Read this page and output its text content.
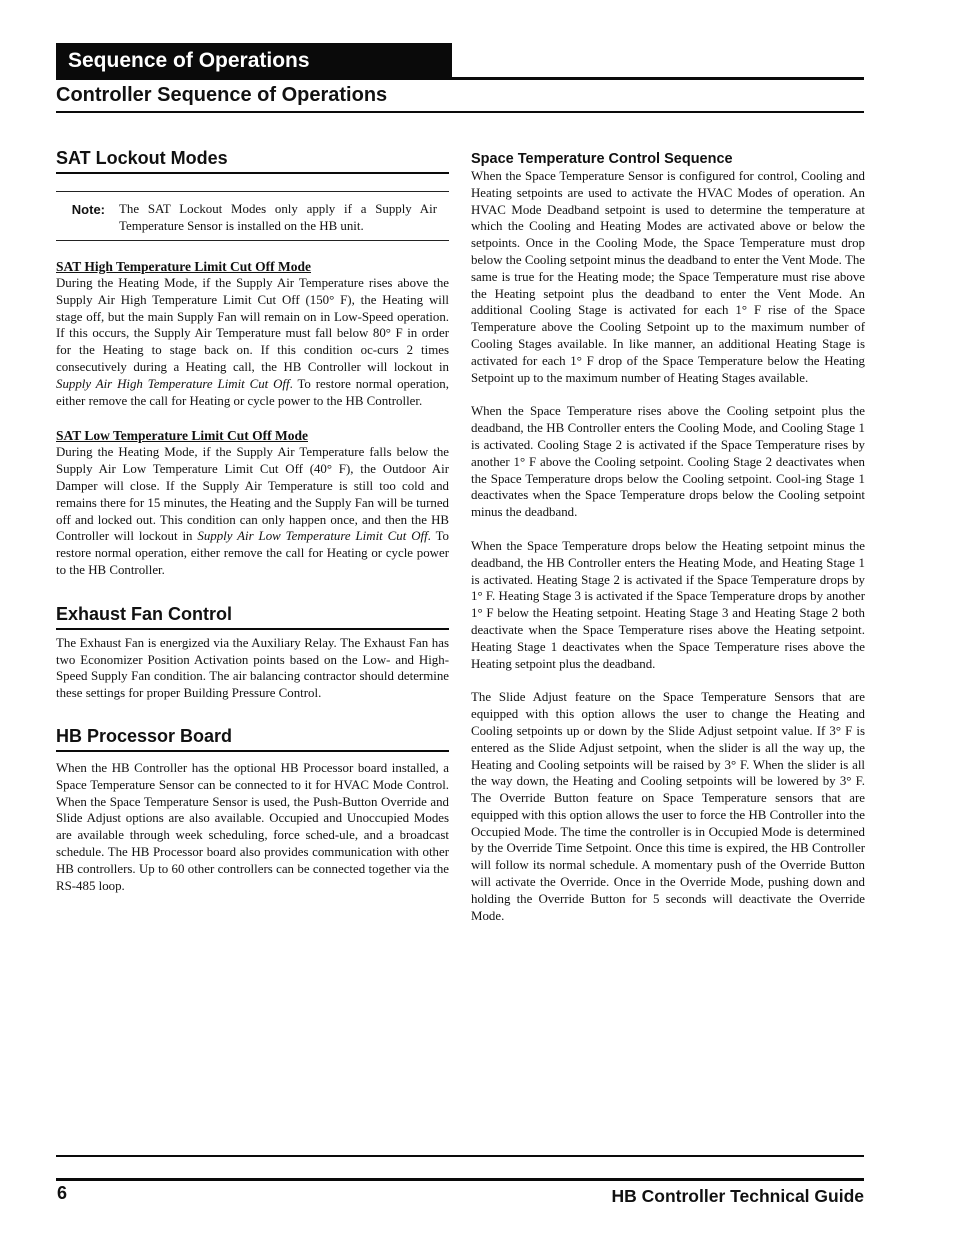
Sequence of Operations
Controller Sequence of Operations
SAT Lockout Modes
Note:	The SAT Lockout Modes only apply if a Supply Air Temperature Sensor is installed on the HB unit.
SAT High Temperature Limit Cut Off Mode

During the Heating Mode, if the Supply Air Temperature rises above the Supply Air High Temperature Limit Cut Off (150° F), the Heating will stage off, but the main Supply Fan will remain on in Low-Speed operation. If this occurs, the Supply Air Temperature must fall below 80° F in order for the Heating to stage back on. If this condition oc-curs 2 times consecutively during a Heating call, the HB Controller will lockout in Supply Air High Temperature Limit Cut Off. To restore normal operation, either remove the call for Heating or cycle power to the HB Controller.

SAT Low Temperature Limit Cut Off Mode

During the Heating Mode, if the Supply Air Temperature falls below the Supply Air Low Temperature Limit Cut Off (40° F), the Outdoor Air Damper will close. If the Supply Air Temperature is still too cold and remains there for 15 minutes, the Heating and the Supply Fan will be turned off and locked out. This condition can only happen once, and then the HB Controller will lockout in Supply Air Low Temperature Limit Cut Off. To restore normal operation, either remove the call for Heating or cycle power to the HB Controller.

Exhaust Fan Control

The Exhaust Fan is energized via the Auxiliary Relay. The Exhaust Fan has two Economizer Position Activation points based on the Low- and High-Speed Supply Fan condition. The air balancing contractor should determine these settings for proper Building Pressure Control.

HB Processor Board

When the HB Controller has the optional HB Processor board installed, a Space Temperature Sensor can be connected to it for HVAC Mode Control. When the Space Temperature Sensor is used, the Push-Button Override and Slide Adjust options are also available. Occupied and Unoccupied Modes are available through week scheduling, force sched-ule, and a broadcast schedule. The HB Processor board also provides communication with other HB controllers. Up to 60 other controllers can be connected together via the RS-485 loop.

Space Temperature Control Sequence

When the Space Temperature Sensor is configured for control, Cooling and Heating setpoints are used to activate the HVAC Modes of operation. An HVAC Mode Deadband setpoint is used to determine the temperature at which the Cooling and Heating Modes are activated above or below the setpoints. Once in the Cooling Mode, the Space Temperature must drop below the Cooling setpoint minus the deadband to enter the Vent Mode. The same is true for the Heating mode; the Space Temperature must rise above the Heating setpoint plus the deadband to enter the Vent Mode. An additional Cooling Stage is activated for each 1° F rise of the Space Temperature above the Cooling Setpoint up to the maximum number of Cooling Stages available. In like manner, an additional Heating Stage is activated for each 1° F drop of the Space Temperature below the Heating Setpoint up to the maximum number of Heating Stages available.

When the Space Temperature rises above the Cooling setpoint plus the deadband, the HB Controller enters the Cooling Mode, and Cooling Stage 1 is activated. Cooling Stage 2 is activated if the Space Temperature rises by another 1° F above the Cooling setpoint. Cooling Stage 2 deactivates when the Space Temperature drops below the Cooling setpoint. Cool-ing Stage 1 deactivates when the Space Temperature drops below the Cooling setpoint minus the deadband.

When the Space Temperature drops below the Heating setpoint minus the deadband, the HB Controller enters the Heating Mode, and Heating Stage 1 is activated. Heating Stage 2 is activated if the Space Temperature drops by 1° F. Heating Stage 3 is activated if the Space Temperature drops by another 1° F below the Heating setpoint. Heating Stage 3 and Heating Stage 2 both deactivate when the Space Temperature rises above the Heating setpoint. Heating Stage 1 deactivates when the Space Temperature rises above the Heating setpoint plus the deadband.

The Slide Adjust feature on the Space Temperature Sensors that are equipped with this option allows the user to change the Heating and Cooling setpoints up or down by the Slide Adjust setpoint value. If 3° F is entered as the Slide Adjust setpoint, when the slider is all the way up, the Heating and Cooling setpoints will be raised by 3° F. When the slider is all the way down, the Heating and Cooling setpoints will be lowered by 3° F. The Override Button feature on Space Temperature sensors that are equipped with this option allows the user to force the HB Controller into the Occupied Mode. The time the controller is in Occupied Mode is determined by the Override Time Setpoint. Once this time is expired, the HB Controller will follow its normal schedule. A momentary push of the Override Button will activate the Override. Once in the Override Mode, pushing down and holding the Override Button for 5 seconds will deactivate the Override Mode.

6	HB Controller Technical Guide
